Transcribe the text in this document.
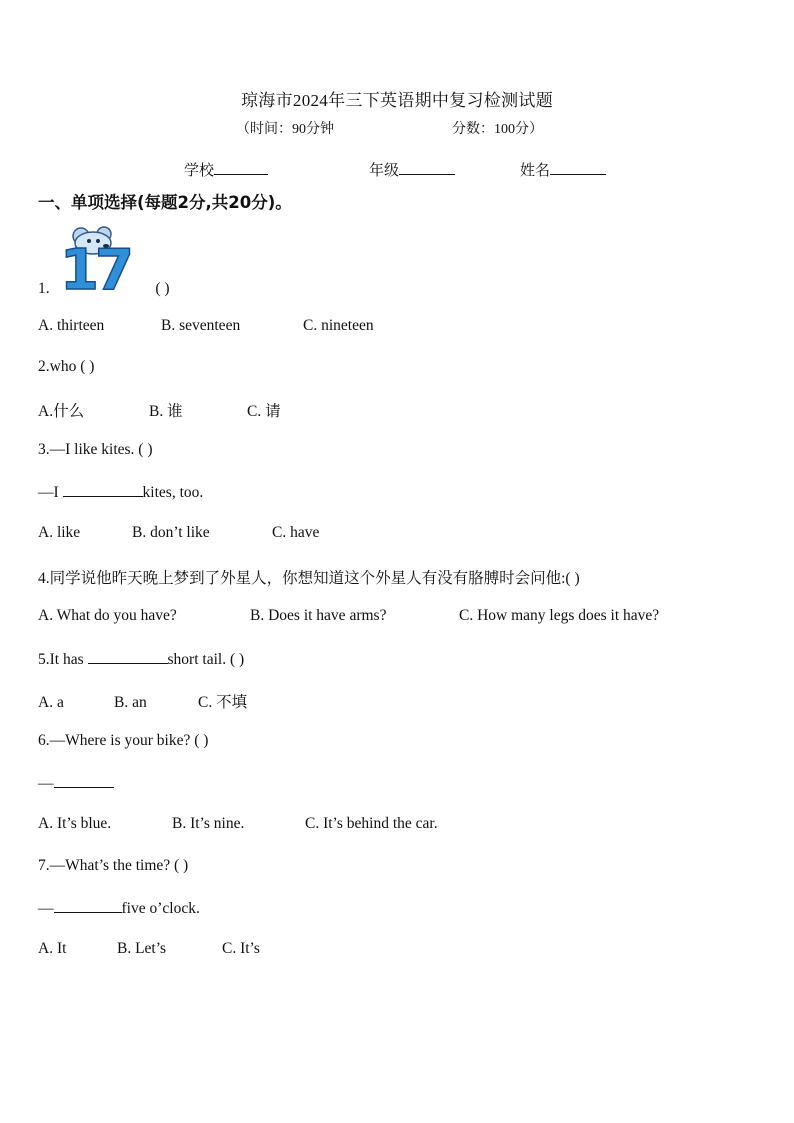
琼海市2024年三下英语期中复习检测试题
（时间：90分钟	分数：100分）
学校	年级	姓名
一、单项选择(每题2分,共20分)。
17
1.	( )
A. thirteen	B. seventeen	C. nineteen
2.who ( )
A.什么	B. 谁	C. 请
3.—I like kites. ( )
—I	kites, too.
A. like	B. don’t like	C. have
4.同学说他昨天晚上梦到了外星人，你想知道这个外星人有没有胳膊时会问他:( )
A. What do you have?	B. Does it have arms?	C. How many legs does it have?
5.It has	short tail. ( )
A. a	B. an	C. 不填
6.—Where is your bike? ( )
—
A. It’s blue.	B. It’s nine.	C. It’s behind the car.
7.—What’s the time? ( )
—	five o’clock.
A. It	B. Let’s	C. It’s
